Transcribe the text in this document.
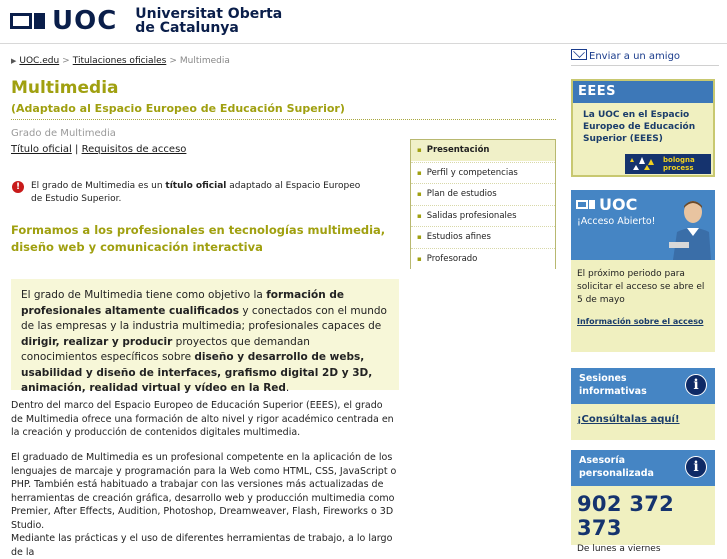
UOC Universitat Oberta
de Catalunya
▶ UOC.edu > Titulaciones oficiales > Multimedia
Multimedia
(Adaptado al Espacio Europeo de Educación Superior)
Grado de Multimedia
Título oficial | Requisitos de acceso
!	El grado de Multimedia es un título oficial adaptado al Espacio Europeo de Estudio Superior.
Formamos a los profesionales en tecnologías multimedia, diseño web y comunicación interactiva
El grado de Multimedia tiene como objetivo la formación de profesionales altamente cualificados y conectados con el mundo de las empresas y la industria multimedia; profesionales capaces de dirigir, realizar y producir proyectos que demandan conocimientos específicos sobre diseño y desarrollo de webs, usabilidad y diseño de interfaces, grafismo digital 2D y 3D, animación, realidad virtual y vídeo en la Red.

Dentro del marco del Espacio Europeo de Educación Superior (EEES), el grado de Multimedia ofrece una formación de alto nivel y rigor académico centrada en la creación y producción de contenidos digitales multimedia.

El graduado de Multimedia es un profesional competente en la aplicación de los lenguajes de marcaje y programación para la Web como HTML, CSS, JavaScript o PHP. También está habituado a trabajar con las versiones más actualizadas de herramientas de creación gráfica, desarrollo web y producción multimedia como Premier, After Effects, Audition, Photoshop, Dreamweaver, Flash, Fireworks o 3D Studio.

Mediante las prácticas y el uso de diferentes herramientas de trabajo, a lo largo de la

▪ Presentación
▪ Perfil y competencias
▪ Plan de estudios
▪ Salidas profesionales
▪ Estudios afines
▪ Profesorado
Enviar a un amigo
EEES
La UOC en el Espacio Europeo de Educación Superior (EEES)
bologna
process
UOC
¡Acceso Abierto!
El próximo periodo para solicitar el acceso se abre el 5 de mayo
Información sobre el acceso
Sesiones informativas	i
¡Consúltalas aquí!
Asesoría personalizada	i
902 372 373
De lunes a viernes
